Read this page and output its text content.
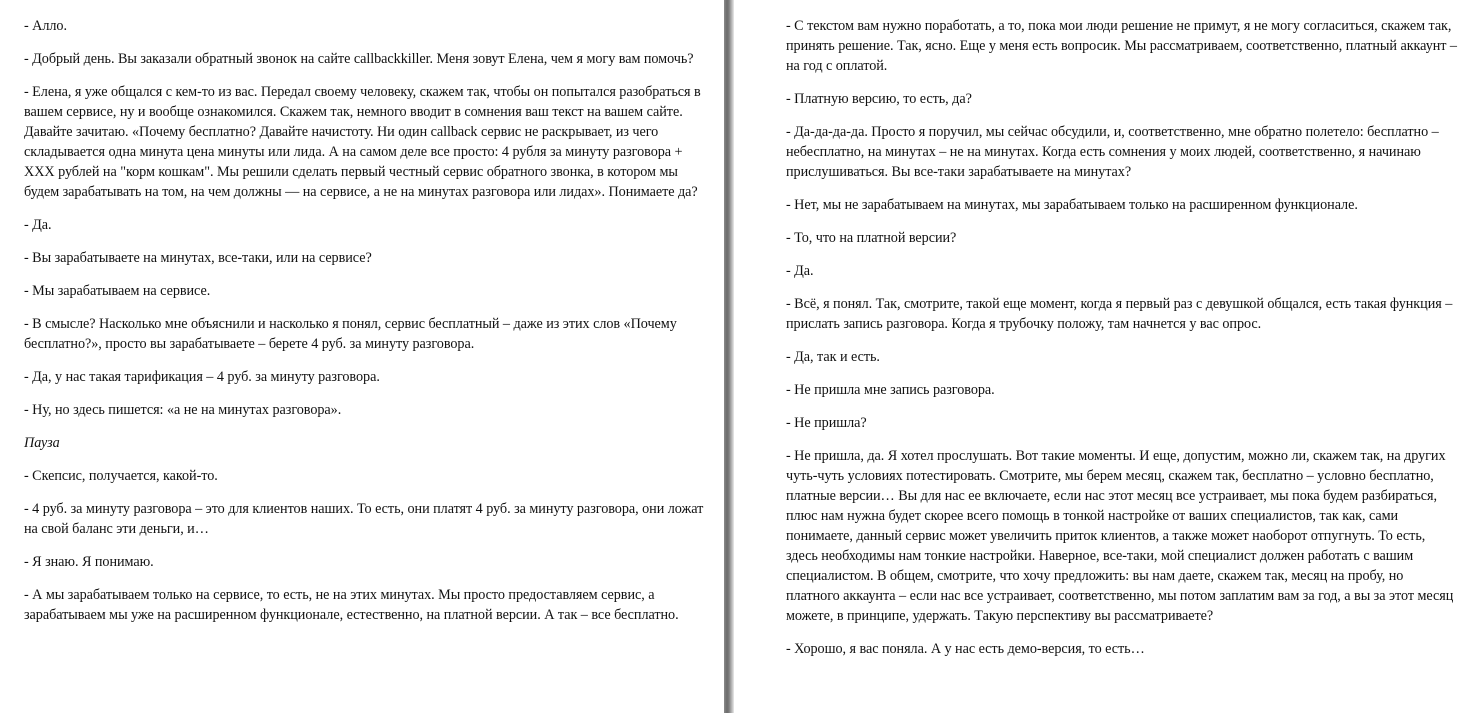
- Алло.

- Добрый день. Вы заказали обратный звонок на сайте callbackkiller. Меня зовут Елена, чем я могу вам помочь?

- Елена, я уже общался с кем-то из вас. Передал своему человеку, скажем так, чтобы он попытался разобраться в вашем сервисе, ну и вообще ознакомился. Скажем так, немного вводит в сомнения ваш текст на вашем сайте. Давайте зачитаю. «Почему бесплатно? Давайте начистоту. Ни один callback сервис не раскрывает, из чего складывается одна минута цена минуты или лида. А на самом деле все просто: 4 рубля за минуту разговора + XXX рублей на "корм кошкам". Мы решили сделать первый честный сервис обратного звонка, в котором мы будем зарабатывать на том, на чем должны — на сервисе, а не на минутах разговора или лидах». Понимаете да?

- Да.

- Вы зарабатываете на минутах, все-таки, или на сервисе?

- Мы зарабатываем на сервисе.

- В смысле? Насколько мне объяснили и насколько я понял, сервис бесплатный – даже из этих слов «Почему бесплатно?», просто вы зарабатываете – берете 4 руб. за минуту разговора.

- Да, у нас такая тарификация – 4 руб. за минуту разговора.

- Ну, но здесь пишется: «а не на минутах разговора».

Пауза

- Скепсис, получается, какой-то.

- 4 руб. за минуту разговора – это для клиентов наших. То есть, они платят 4 руб. за минуту разговора, они ложат на свой баланс эти деньги, и…

- Я знаю. Я понимаю.

- А мы зарабатываем только на сервисе, то есть, не на этих минутах. Мы просто предоставляем сервис, а зарабатываем мы уже на расширенном функционале, естественно, на платной версии. А так – все бесплатно.

- С текстом вам нужно поработать, а то, пока мои люди решение не примут, я не могу согласиться, скажем так, принять решение. Так, ясно. Еще у меня есть вопросик. Мы рассматриваем, соответственно, платный аккаунт – на год с оплатой.

- Платную версию, то есть, да?

- Да-да-да-да. Просто я поручил, мы сейчас обсудили, и, соответственно, мне обратно полетело: бесплатно – небесплатно, на минутах – не на минутах. Когда есть сомнения у моих людей, соответственно, я начинаю прислушиваться. Вы все-таки зарабатываете на минутах?

- Нет, мы не зарабатываем на минутах, мы зарабатываем только на расширенном функционале.

- То, что на платной версии?

- Да.

- Всё, я понял. Так, смотрите, такой еще момент, когда я первый раз с девушкой общался, есть такая функция – прислать запись разговора. Когда я трубочку положу, там начнется у вас опрос.

- Да, так и есть.

- Не пришла мне запись разговора.

- Не пришла?

- Не пришла, да. Я хотел прослушать. Вот такие моменты. И еще, допустим, можно ли, скажем так, на других чуть-чуть условиях потестировать. Смотрите, мы берем месяц, скажем так, бесплатно – условно бесплатно, платные версии… Вы для нас ее включаете, если нас этот месяц все устраивает, мы пока будем разбираться, плюс нам нужна будет скорее всего помощь в тонкой настройке от ваших специалистов, так как, сами понимаете, данный сервис может увеличить приток клиентов, а также может наоборот отпугнуть. То есть, здесь необходимы нам тонкие настройки. Наверное, все-таки, мой специалист должен работать с вашим специалистом. В общем, смотрите, что хочу предложить: вы нам даете, скажем так, месяц на пробу, но платного аккаунта – если нас все устраивает, соответственно, мы потом заплатим вам за год, а вы за этот месяц можете, в принципе, удержать. Такую перспективу вы рассматриваете?

- Хорошо, я вас поняла. А у нас есть демо-версия, то есть…
